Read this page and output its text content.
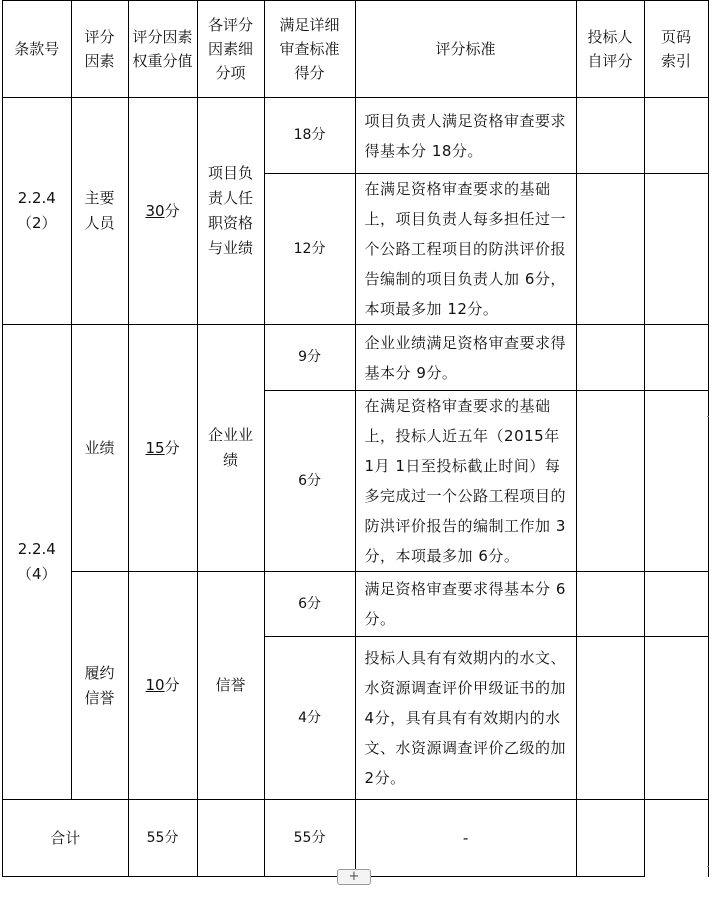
条款号	评分因素	评分因素权重分值	各评分因素细分项	满足详细审查标准得分	评分标准	投标人自评分	页码索引
2.2.4（2）	主要人员	30分	项目负责人任职资格与业绩	18分	项目负责人满足资格审查要求得基本分 18分。		
				12分	在满足资格审查要求的基础上，项目负责人每多担任过一个公路工程项目的防洪评价报告编制的项目负责人加 6分，本项最多加 12分。		
2.2.4（4）	业绩	15分	企业业绩	9分	企业业绩满足资格审查要求得基本分 9分。		
				6分	在满足资格审查要求的基础上，投标人近五年（2015年 1月 1日至投标截止时间）每多完成过一个公路工程项目的防洪评价报告的编制工作加 3分，本项最多加 6分。		
	履约信誉	10分	信誉	6分	满足资格审查要求得基本分 6分。		
				4分	投标人具有有效期内的水文、水资源调查评价甲级证书的加 4分，具有具有有效期内的水文、水资源调查评价乙级的加 2分。		
合计		55分		55分	-		
+
